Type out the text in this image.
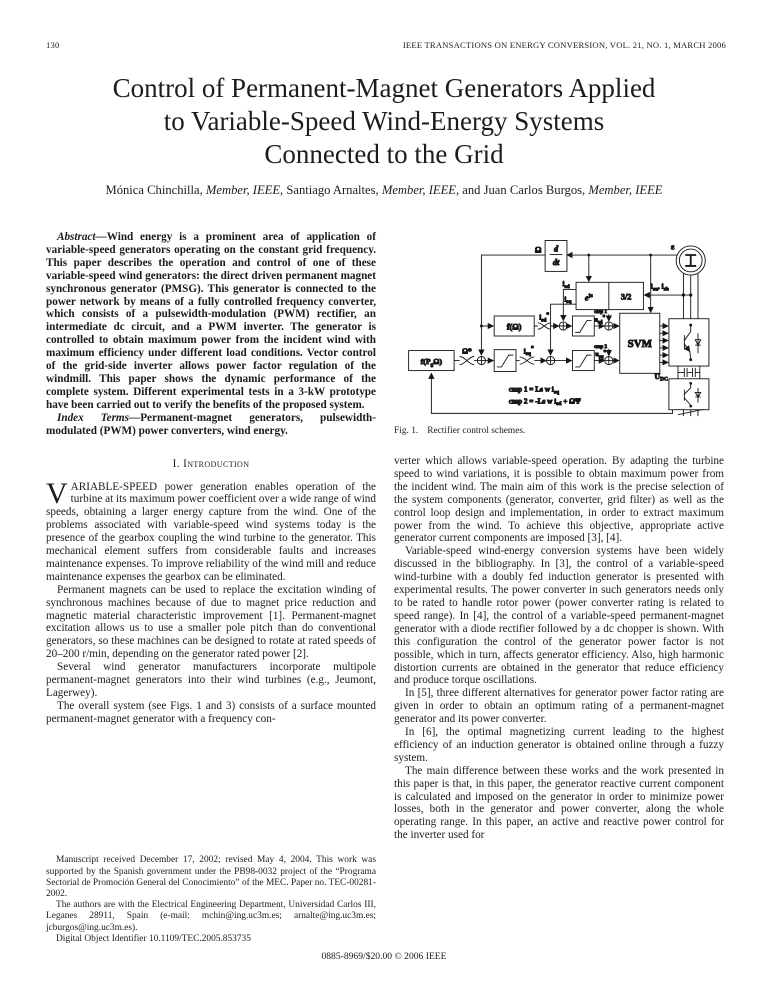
130	IEEE TRANSACTIONS ON ENERGY CONVERSION, VOL. 21, NO. 1, MARCH 2006
Control of Permanent-Magnet Generators Applied
to Variable-Speed Wind-Energy Systems
Connected to the Grid
Mónica Chinchilla, Member, IEEE, Santiago Arnaltes, Member, IEEE, and Juan Carlos Burgos, Member, IEEE

Abstract—Wind energy is a prominent area of application of variable-speed generators operating on the constant grid frequency. This paper describes the operation and control of one of these variable-speed wind generators: the direct driven permanent magnet synchronous generator (PMSG). This generator is connected to the power network by means of a fully controlled frequency converter, which consists of a pulsewidth-modulation (PWM) rectifier, an intermediate dc circuit, and a PWM inverter. The generator is controlled to obtain maximum power from the incident wind with maximum efficiency under different load conditions. Vector control of the grid-side inverter allows power factor regulation of the windmill. This paper shows the dynamic performance of the complete system. Different experimental tests in a 3-kW prototype have been carried out to verify the benefits of the proposed system.

Index Terms—Permanent-magnet generators, pulsewidth-modulated (PWM) power converters, wind energy.

I. Introduction

VARIABLE-SPEED power generation enables operation of the turbine at its maximum power coefficient over a wide range of wind speeds, obtaining a larger energy capture from the wind. One of the problems associated with variable-speed wind systems today is the presence of the gearbox coupling the wind turbine to the generator. This mechanical element suffers from considerable faults and increases maintenance expenses. To improve reliability of the wind mill and reduce maintenance expenses the gearbox can be eliminated.

Permanent magnets can be used to replace the excitation winding of synchronous machines because of due to magnet price reduction and magnetic material characteristic improvement [1]. Permanent-magnet excitation allows us to use a smaller pole pitch than do conventional generators, so these machines can be designed to rotate at rated speeds of 20–200 r/min, depending on the generator rated power [2].

Several wind generator manufacturers incorporate multipole permanent-magnet generators into their wind turbines (e.g., Jeumont, Lagerwey).

The overall system (see Figs. 1 and 3) consists of a surface mounted permanent-magnet generator with a frequency con-

Manuscript received December 17, 2002; revised May 4, 2004. This work was supported by the Spanish government under the PB98-0032 project of the “Programa Sectorial de Promoción General del Conocimiento” of the MEC. Paper no. TEC-00281-2002.

The authors are with the Electrical Engineering Department, Universidad Carlos III, Leganes 28911, Spain (e-mail: mchin@ing.uc3m.es; arnalte@ing.uc3m.es; jcburgos@ing.uc3m.es).

Digital Object Identifier 10.1109/TEC.2005.853735

ε
d
dt
Ω
$e^{j\varepsilon}$	3/2
$i_{sa}$, $i_{sb}$
$i_{sd}$
$i_{sq}$
$f(P_g\Omega)$
Ω*	$i_{sq}^*$
f(Ω)
$i_{sd}^*$
$u_{sd}^*$
$u_{sq}^*$
cmp 1
cmp 2 SVM
$U_{DC}$
cmp 1 = Ls w $i_{sq}$
cmp 2 = -Ls w $i_{sd} + \Omega\Psi$
Fig. 1. Rectifier control schemes.

verter which allows variable-speed operation. By adapting the turbine speed to wind variations, it is possible to obtain maximum power from the incident wind. The main aim of this work is the precise selection of the system components (generator, converter, grid filter) as well as the control loop design and implementation, in order to extract maximum power from the wind. To achieve this objective, appropriate active generator current components are imposed [3], [4].

Variable-speed wind-energy conversion systems have been widely discussed in the bibliography. In [3], the control of a variable-speed wind-turbine with a doubly fed induction generator is presented with experimental results. The power converter in such generators needs only to be rated to handle rotor power (power converter rating is related to speed range). In [4], the control of a variable-speed permanent-magnet generator with a diode rectifier followed by a dc chopper is shown. With this configuration the control of the generator power factor is not possible, which in turn, affects generator efficiency. Also, high harmonic distortion currents are obtained in the generator that reduce efficiency and produce torque oscillations.

In [5], three different alternatives for generator power factor rating are given in order to obtain an optimum rating of a permanent-magnet generator and its power converter.

In [6], the optimal magnetizing current leading to the highest efficiency of an induction generator is obtained online through a fuzzy system.

The main difference between these works and the work presented in this paper is that, in this paper, the generator reactive current component is calculated and imposed on the generator in order to minimize power losses, both in the generator and power converter, along the whole operating range. In this paper, an active and reactive power control for the inverter used for

0885-8969/$20.00 © 2006 IEEE
